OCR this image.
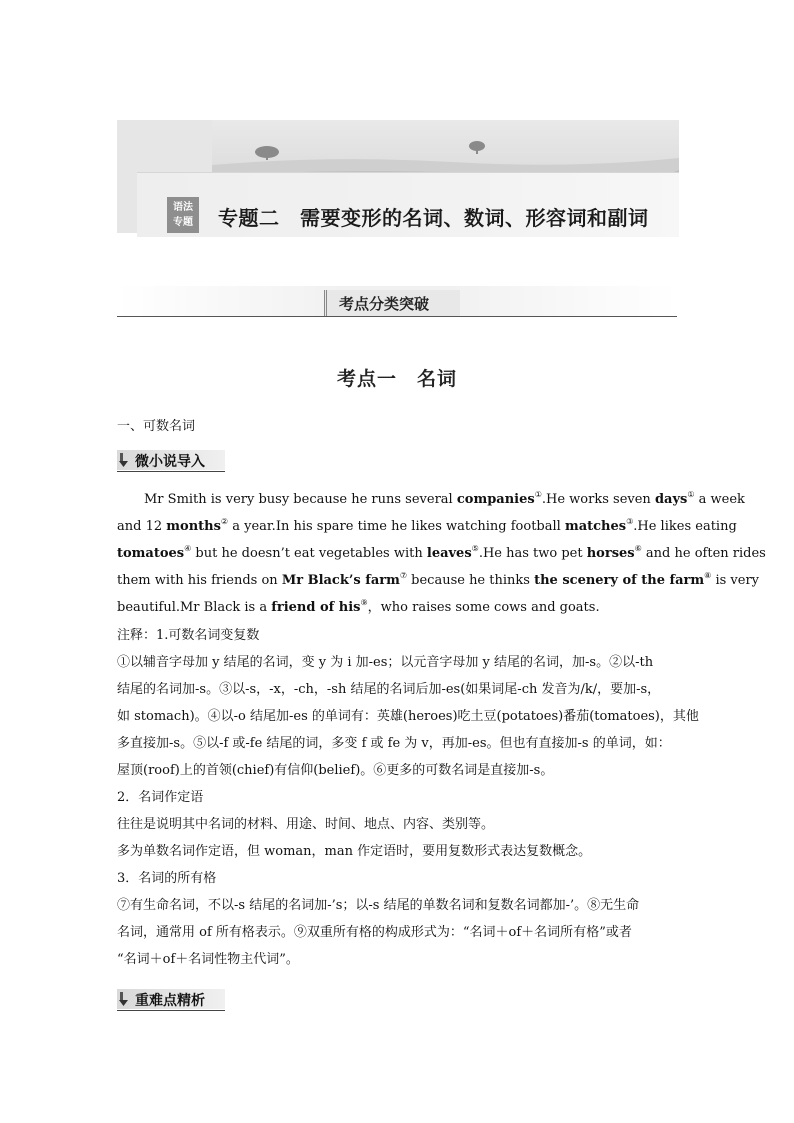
语法
专题	专题二　需要变形的名词、数词、形容词和副词
考点分类突破
考点一　名词
一、可数名词
微小说导入
Mr Smith is very busy because he runs several companies①.He works seven days① a week
and 12 months② a year.In his spare time he likes watching football matches③.He likes eating
tomatoes④ but he doesn’t eat vegetables with leaves⑤.He has two pet horses⑥ and he often rides
them with his friends on Mr Black’s farm⑦ because he thinks the scenery of the farm⑧ is very
beautiful.Mr Black is a friend of his⑨，who raises some cows and goats.
注释：1.可数名词变复数
①以辅音字母加 y 结尾的名词，变 y 为 i 加-es；以元音字母加 y 结尾的名词，加-s。②以-th
结尾的名词加-s。③以-s，-x，-ch，-sh 结尾的名词后加-es(如果词尾-ch 发音为/k/，要加-s，
如 stomach)。④以-o 结尾加-es 的单词有：英雄(heroes)吃土豆(potatoes)番茄(tomatoes)，其他
多直接加-s。⑤以-f 或-fe 结尾的词，多变 f 或 fe 为 v，再加-es。但也有直接加-s 的单词，如：
屋顶(roof)上的首领(chief)有信仰(belief)。⑥更多的可数名词是直接加-s。
2．名词作定语
往往是说明其中名词的材料、用途、时间、地点、内容、类别等。
多为单数名词作定语，但 woman，man 作定语时，要用复数形式表达复数概念。
3．名词的所有格
⑦有生命名词，不以-s 结尾的名词加-’s；以-s 结尾的单数名词和复数名词都加-’。⑧无生命
名词，通常用 of 所有格表示。⑨双重所有格的构成形式为：“名词＋of＋名词所有格”或者
“名词＋of＋名词性物主代词”。
重难点精析
